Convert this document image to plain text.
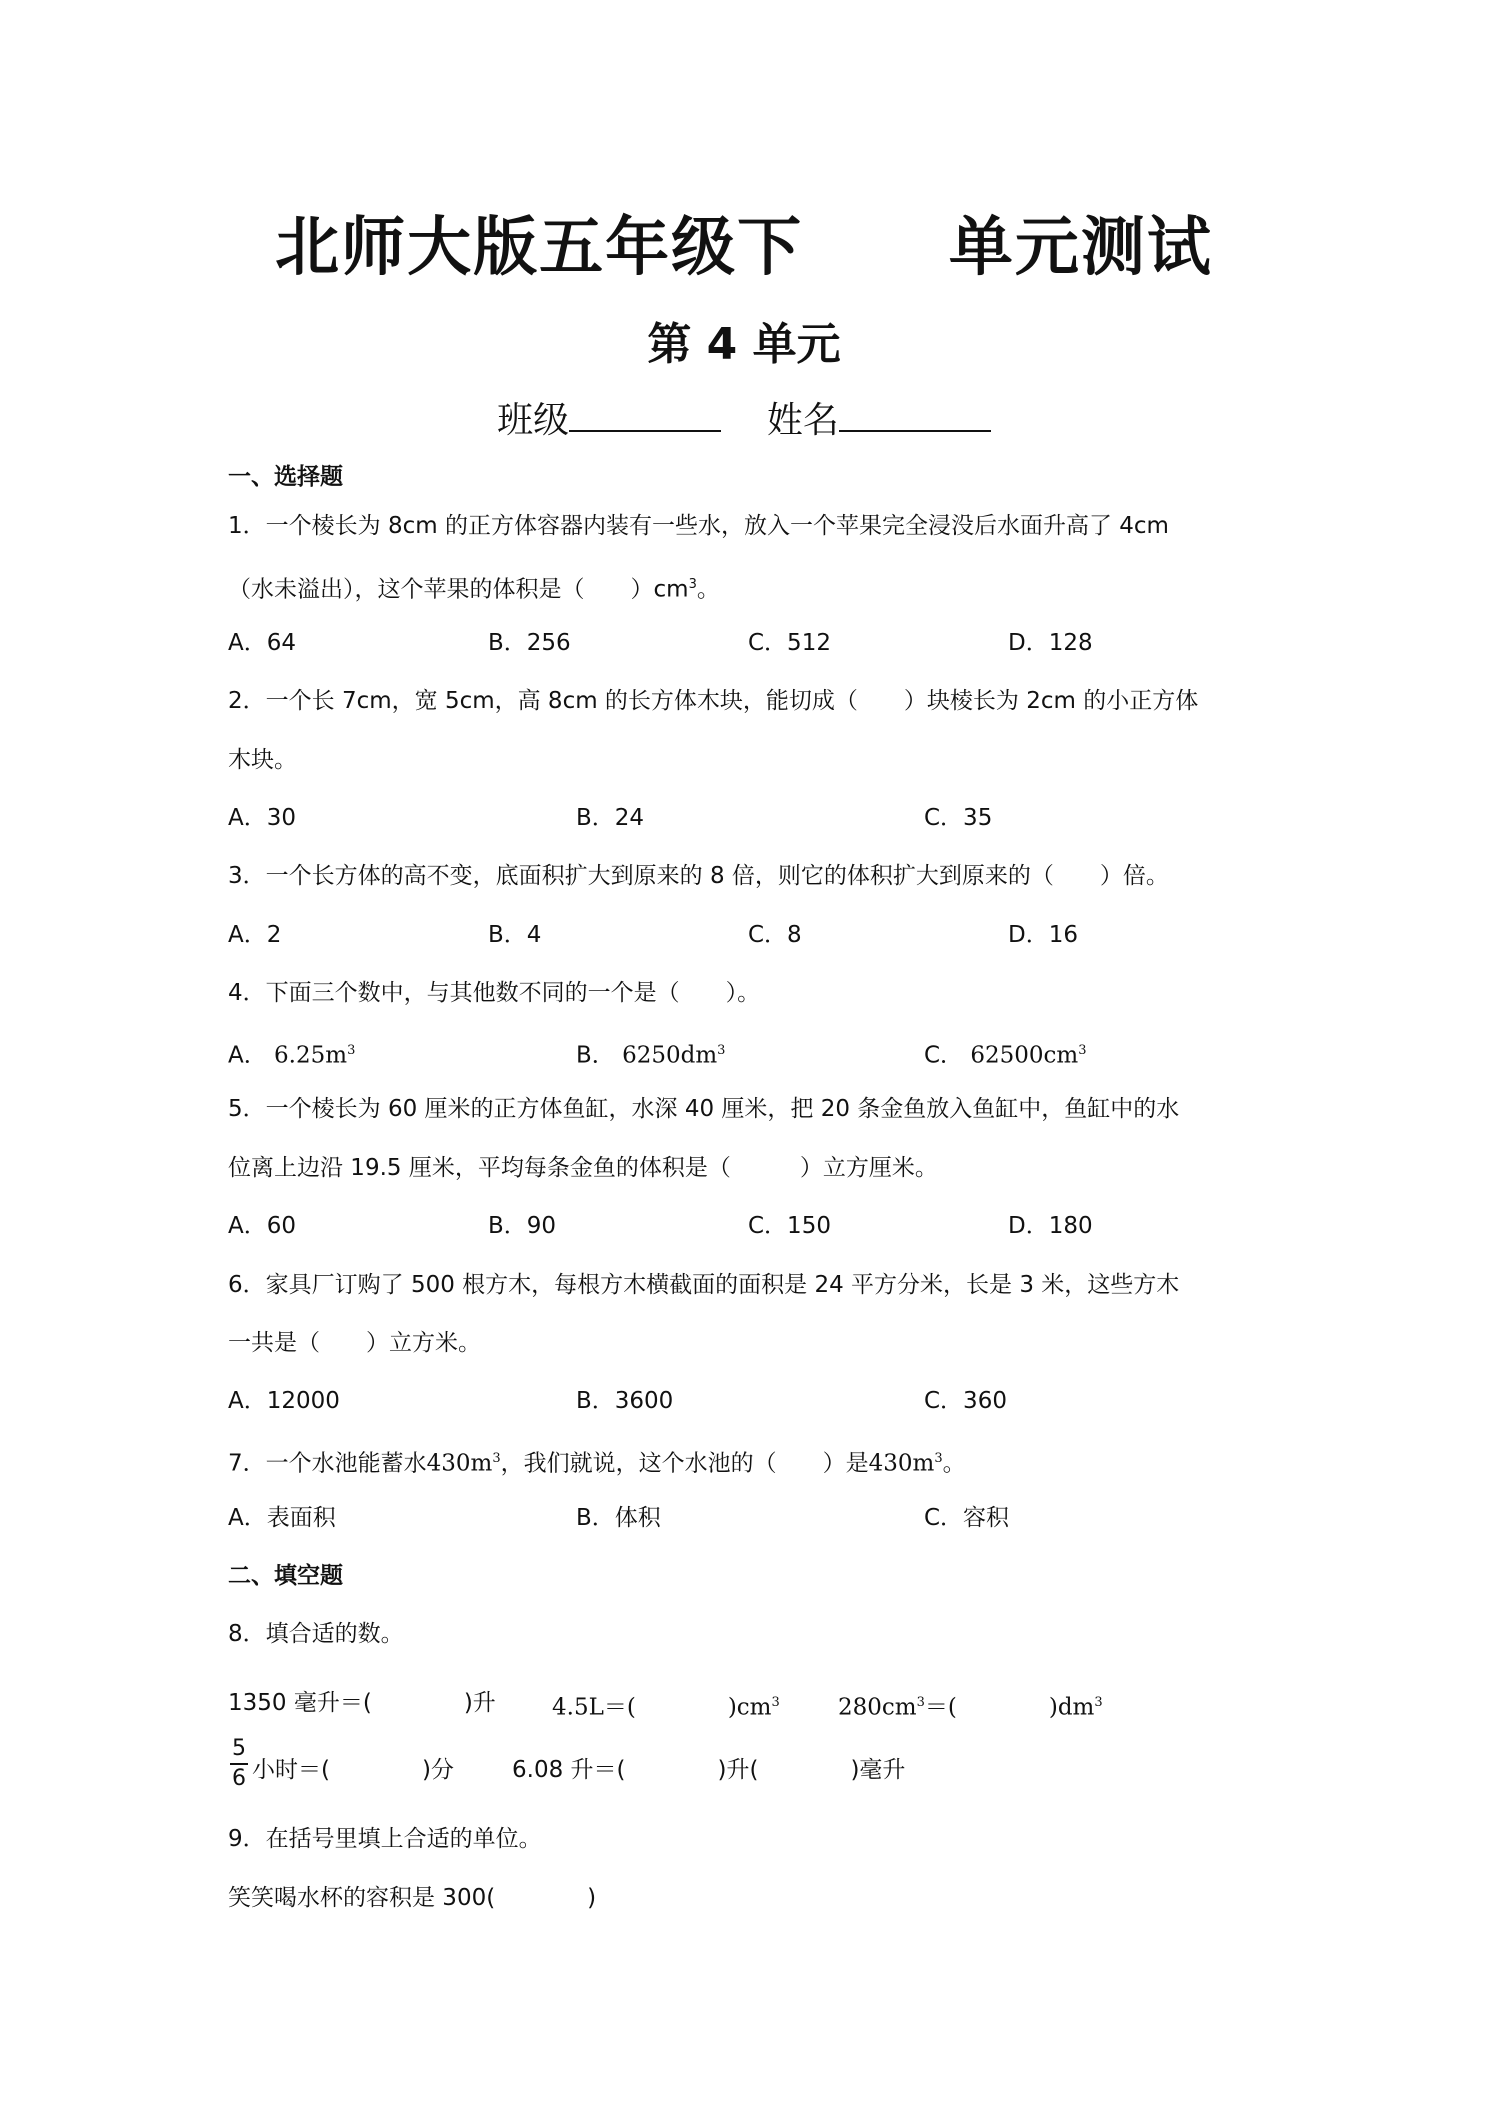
北师大版五年级下      单元测试
第 4 单元
班级	姓名
一、选择题
1．一个棱长为 8cm 的正方体容器内装有一些水，放入一个苹果完全浸没后水面升高了 4cm
（水未溢出），这个苹果的体积是（　　）$cm^3$。
A．64	B．256	C．512	D．128
2．一个长 7cm，宽 5cm，高 8cm 的长方体木块，能切成（　　）块棱长为 2cm 的小正方体
木块。
A．30	B．24	C．35
3．一个长方体的高不变，底面积扩大到原来的 8 倍，则它的体积扩大到原来的（　　）倍。
A．2	B．4	C．8	D．16
4．下面三个数中，与其他数不同的一个是（　　）。
A． $6.25m^3$	B． $6250dm^3$	C． $62500cm^3$
5．一个棱长为 60 厘米的正方体鱼缸，水深 40 厘米，把 20 条金鱼放入鱼缸中，鱼缸中的水
位离上边沿 19.5 厘米，平均每条金鱼的体积是（　　　）立方厘米。
A．60	B．90	C．150	D．180
6．家具厂订购了 500 根方木，每根方木横截面的面积是 24 平方分米，长是 3 米，这些方木
一共是（　　）立方米。
A．12000	B．3600	C．360
7．一个水池能蓄水$430m^3$，我们就说，这个水池的（　　）是$430m^3$。
A．表面积	B．体积	C．容积
二、填空题
8．填合适的数。
1350 毫升＝(　　　　)升 4.5L＝(　　　　)$cm^3$	$280cm^3=$(　　　　)$dm^3$
5
6 小时＝(　　　　)分	6.08 升＝(　　　　)升(　　　　)毫升
9．在括号里填上合适的单位。
笑笑喝水杯的容积是 300(　　　　)
